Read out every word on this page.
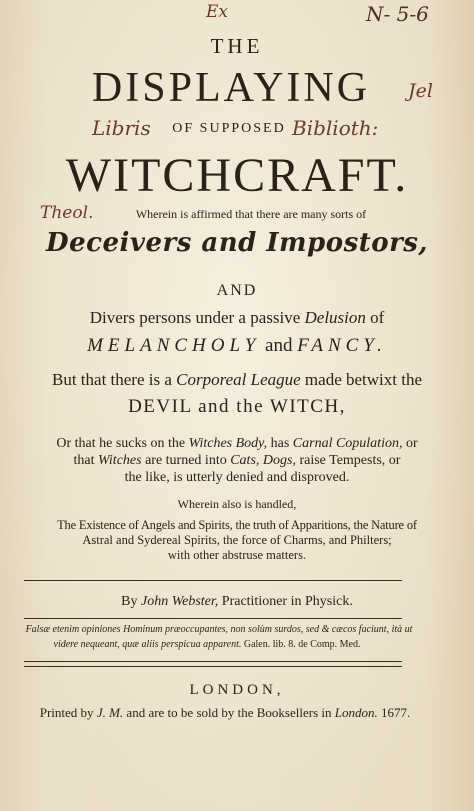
Ex	N- 5-6
Jel
Libris	Biblioth:
Theol.
THE
DISPLAYING
OF SUPPOSED
WITCHCRAFT.
Wherein is affirmed that there are many sorts of
Deceivers and Impostors,
AND
Divers persons under a passive Delusion of
MELANCHOLY and FANCY.
But that there is a Corporeal League made betwixt the
DEVIL and the WITCH,
Or that he sucks on the Witches Body, has Carnal Copulation, or
that Witches are turned into Cats, Dogs, raise Tempests, or
the like, is utterly denied and disproved.
Wherein also is handled,
The Existence of Angels and Spirits, the truth of Apparitions, the Nature of
Astral and Sydereal Spirits, the force of Charms, and Philters;
with other abstruse matters.
By John Webster, Practitioner in Physick.
Falsæ etenim opiniones Hominum præoccupantes, non solùm surdos, sed & cæcos faciunt, ità ut
videre nequeant, quæ aliis perspicua apparent. Galen. lib. 8. de Comp. Med.
LONDON,
Printed by J. M. and are to be sold by the Booksellers in London. 1677.
